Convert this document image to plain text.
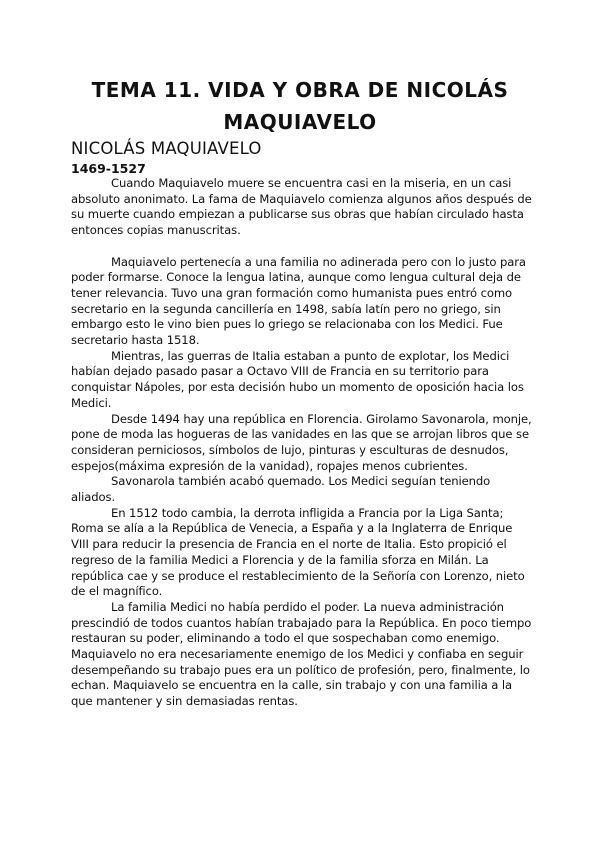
TEMA 11. VIDA Y OBRA DE NICOLÁS MAQUIAVELO
NICOLÁS MAQUIAVELO
1469-1527

Cuando Maquiavelo muere se encuentra casi en la miseria, en un casi absoluto anonimato. La fama de Maquiavelo comienza algunos años después de su muerte cuando empiezan a publicarse sus obras que habían circulado hasta entonces copias manuscritas.

Maquiavelo pertenecía a una familia no adinerada pero con lo justo para poder formarse. Conoce la lengua latina, aunque como lengua cultural deja de tener relevancia. Tuvo una gran formación como humanista pues entró como secretario en la segunda cancillería en 1498, sabía latín pero no griego, sin embargo esto le vino bien pues lo griego se relacionaba con los Medici. Fue secretario hasta 1518.

Mientras, las guerras de Italia estaban a punto de explotar, los Medici habían dejado pasado pasar a Octavo VIII de Francia en su territorio para conquistar Nápoles, por esta decisión hubo un momento de oposición hacia los Medici.

Desde 1494 hay una república en Florencia. Girolamo Savonarola, monje, pone de moda las hogueras de las vanidades en las que se arrojan libros que se consideran perniciosos, símbolos de lujo, pinturas y esculturas de desnudos, espejos(máxima expresión de la vanidad), ropajes menos cubrientes.

Savonarola también acabó quemado. Los Medici seguían teniendo aliados.

En 1512 todo cambia, la derrota infligida a Francia por la Liga Santa; Roma se alía a la República de Venecia, a España y a la Inglaterra de Enrique VIII para reducir la presencia de Francia en el norte de Italia. Esto propició el regreso de la familia Medici a Florencia y de la familia sforza en Milán. La república cae y se produce el restablecimiento de la Señoría con Lorenzo, nieto de el magnífico.

La familia Medici no había perdido el poder. La nueva administración prescindió de todos cuantos habían trabajado para la República. En poco tiempo restauran su poder, eliminando a todo el que sospechaban como enemigo. Maquiavelo no era necesariamente enemigo de los Medici y confiaba en seguir desempeñando su trabajo pues era un político de profesión, pero, finalmente, lo echan. Maquiavelo se encuentra en la calle, sin trabajo y con una familia a la que mantener y sin demasiadas rentas.
